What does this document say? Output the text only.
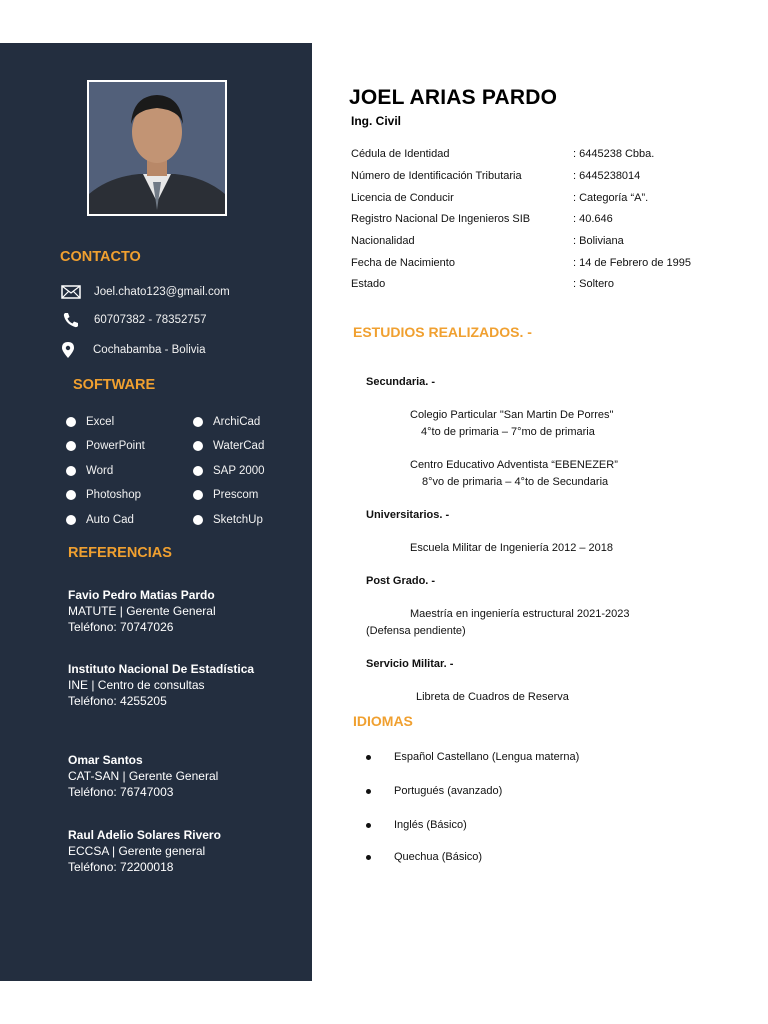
CONTACTO
Joel.chato123@gmail.com
60707382 - 78352757
Cochabamba - Bolivia
SOFTWARE
Excel
PowerPoint
Word
Photoshop
Auto Cad
ArchiCad
WaterCad
SAP 2000
Prescom
SketchUp
REFERENCIAS
Favio Pedro Matias Pardo
MATUTE | Gerente General
Teléfono: 70747026
Instituto Nacional De Estadística
INE | Centro de consultas
Teléfono: 4255205
Omar Santos
CAT-SAN | Gerente General
Teléfono: 76747003
Raul Adelio Solares Rivero
ECCSA | Gerente general
Teléfono: 72200018
JOEL ARIAS PARDO
Ing. Civil
Cédula de Identidad	: 6445238 Cbba.
Número de Identificación Tributaria	: 6445238014
Licencia de Conducir	: Categoría “A”.
Registro Nacional De Ingenieros SIB	: 40.646
Nacionalidad	: Boliviana
Fecha de Nacimiento	: 14 de Febrero de 1995
Estado	: Soltero
ESTUDIOS REALIZADOS. -
Secundaria. -
Colegio Particular "San Martin De Porres"
4°to de primaria – 7°mo de primaria
Centro Educativo Adventista “EBENEZER”
8°vo de primaria – 4°to de Secundaria
Universitarios. -
Escuela Militar de Ingeniería 2012 – 2018
Post Grado. -
Maestría en ingeniería estructural 2021-2023
(Defensa pendiente)
Servicio Militar. -
Libreta de Cuadros de Reserva
IDIOMAS
Español Castellano (Lengua materna)
Portugués (avanzado)
Inglés (Básico)
Quechua (Básico)
